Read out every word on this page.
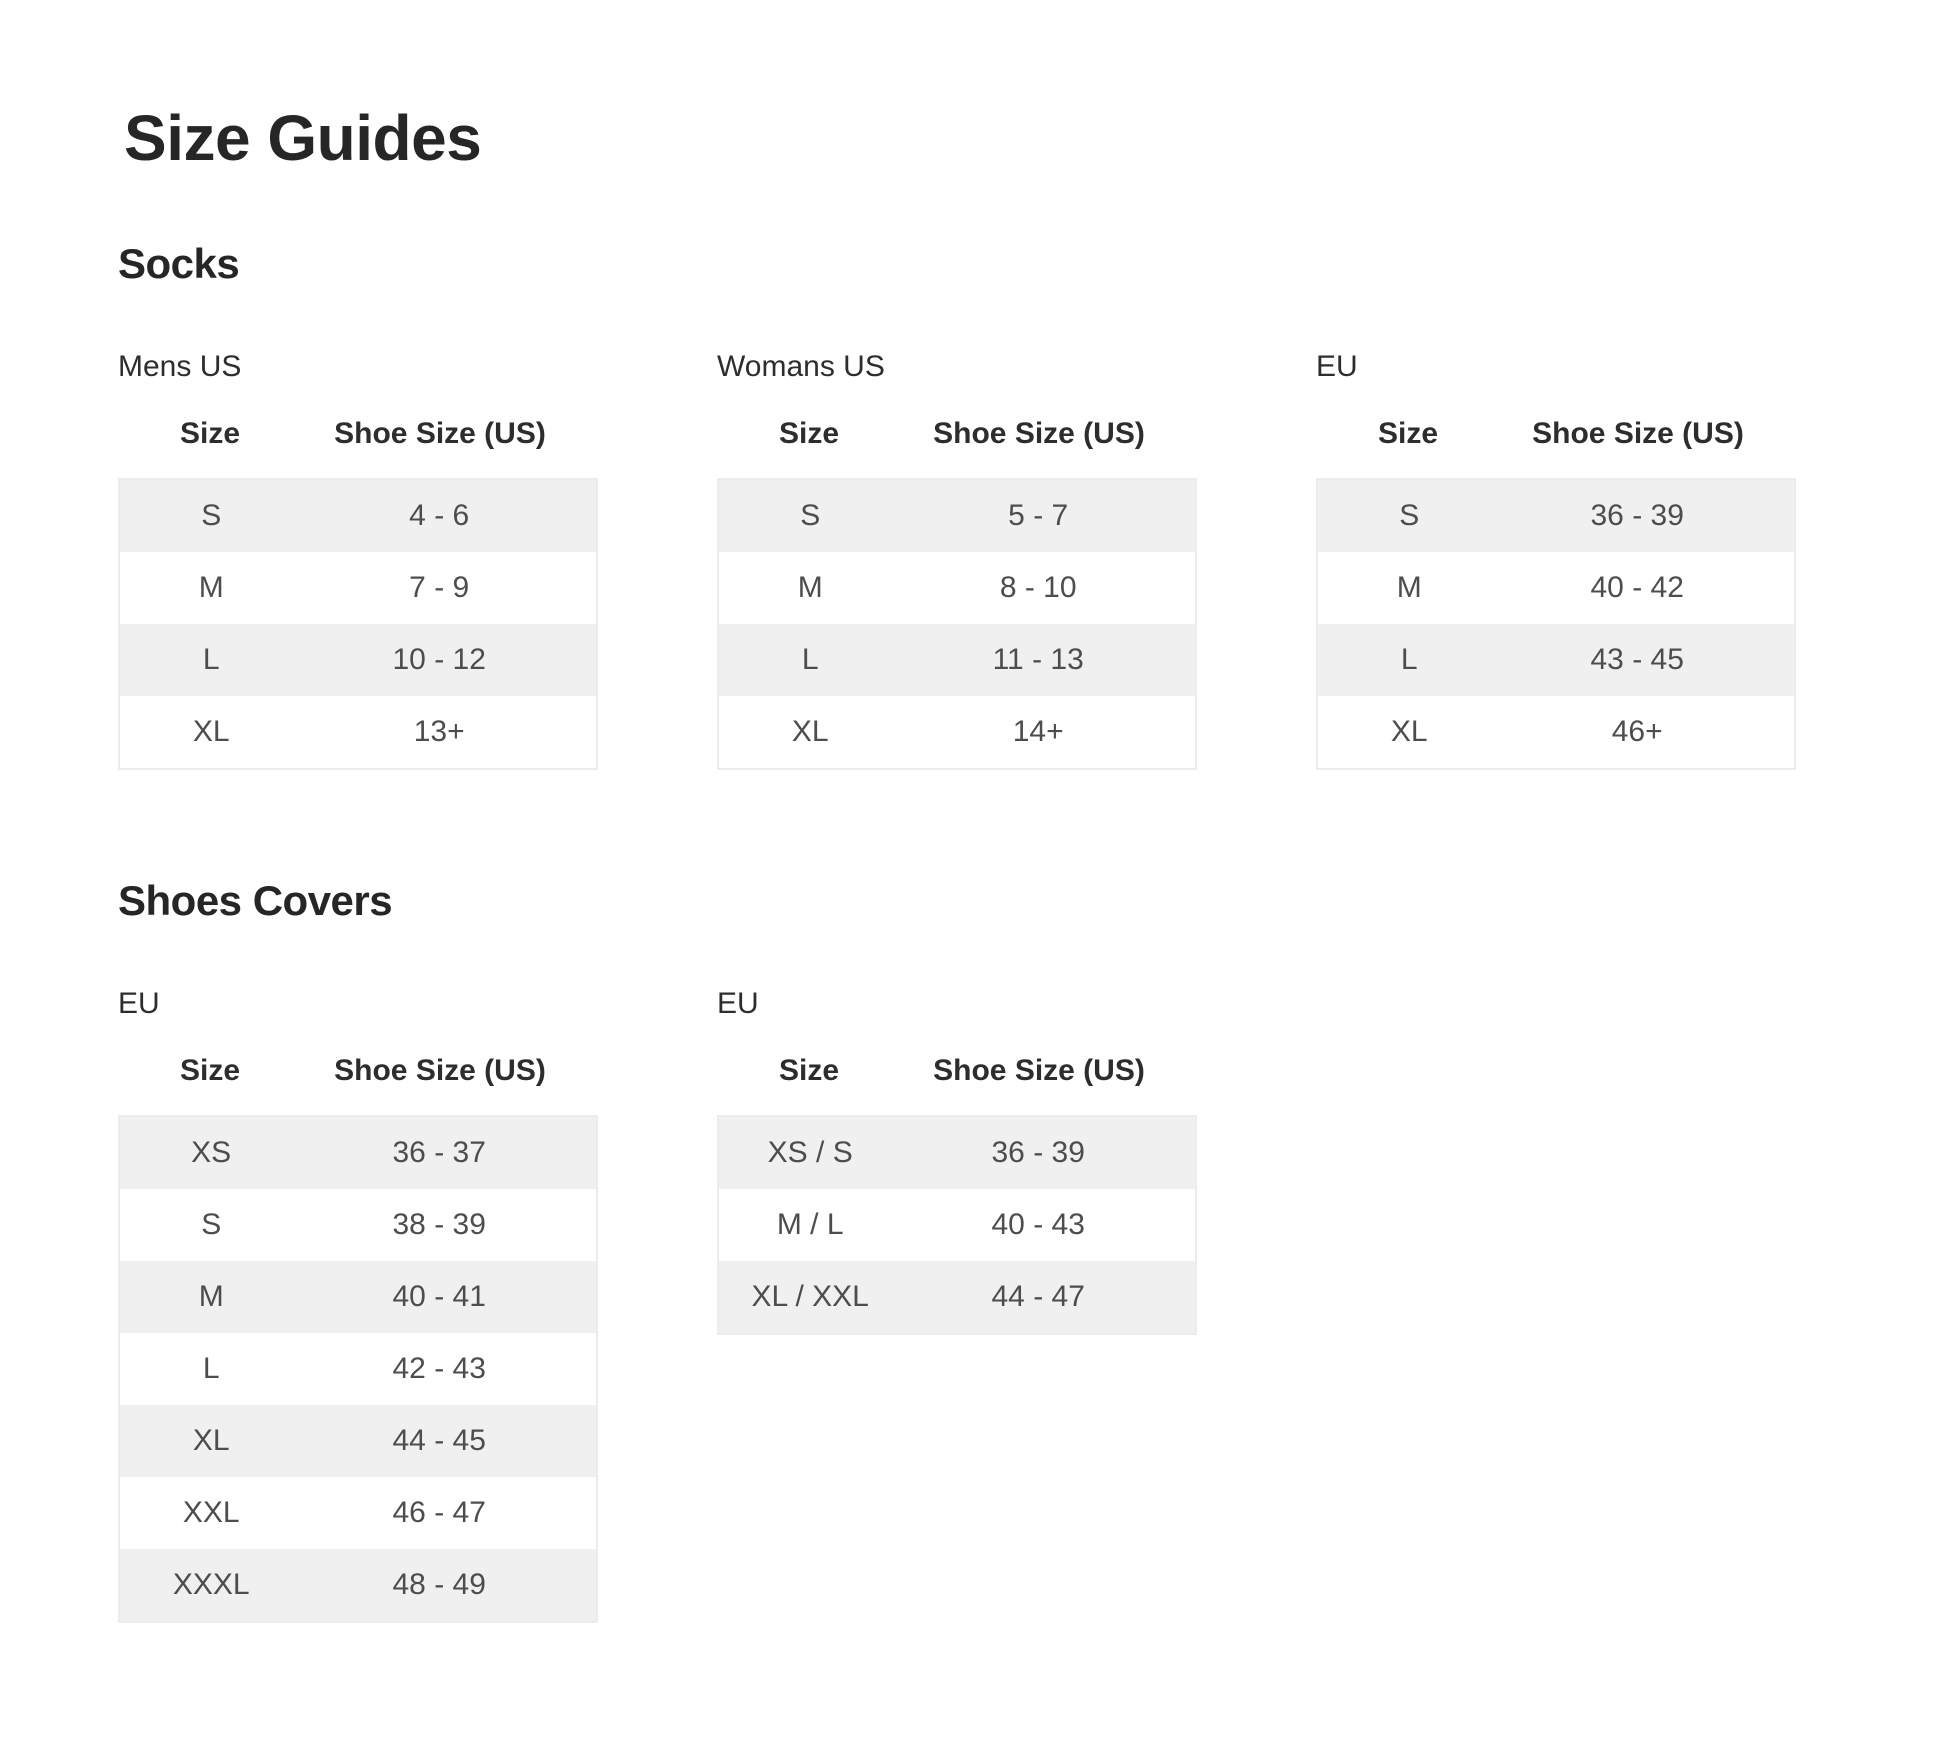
Size Guides
Socks
Mens US
Size	Shoe Size (US)
S	4 - 6
M	7 - 9
L	10 - 12
XL	13+
Womans US
Size	Shoe Size (US)
S	5 - 7
M	8 - 10
L	11 - 13
XL	14+
EU
Size	Shoe Size (US)
S	36 - 39
M	40 - 42
L	43 - 45
XL	46+
Shoes Covers
EU
Size	Shoe Size (US)
XS	36 - 37
S	38 - 39
M	40 - 41
L	42 - 43
XL	44 - 45
XXL	46 - 47
XXXL	48 - 49
EU
Size	Shoe Size (US)
XS / S	36 - 39
M / L	40 - 43
XL / XXL	44 - 47
